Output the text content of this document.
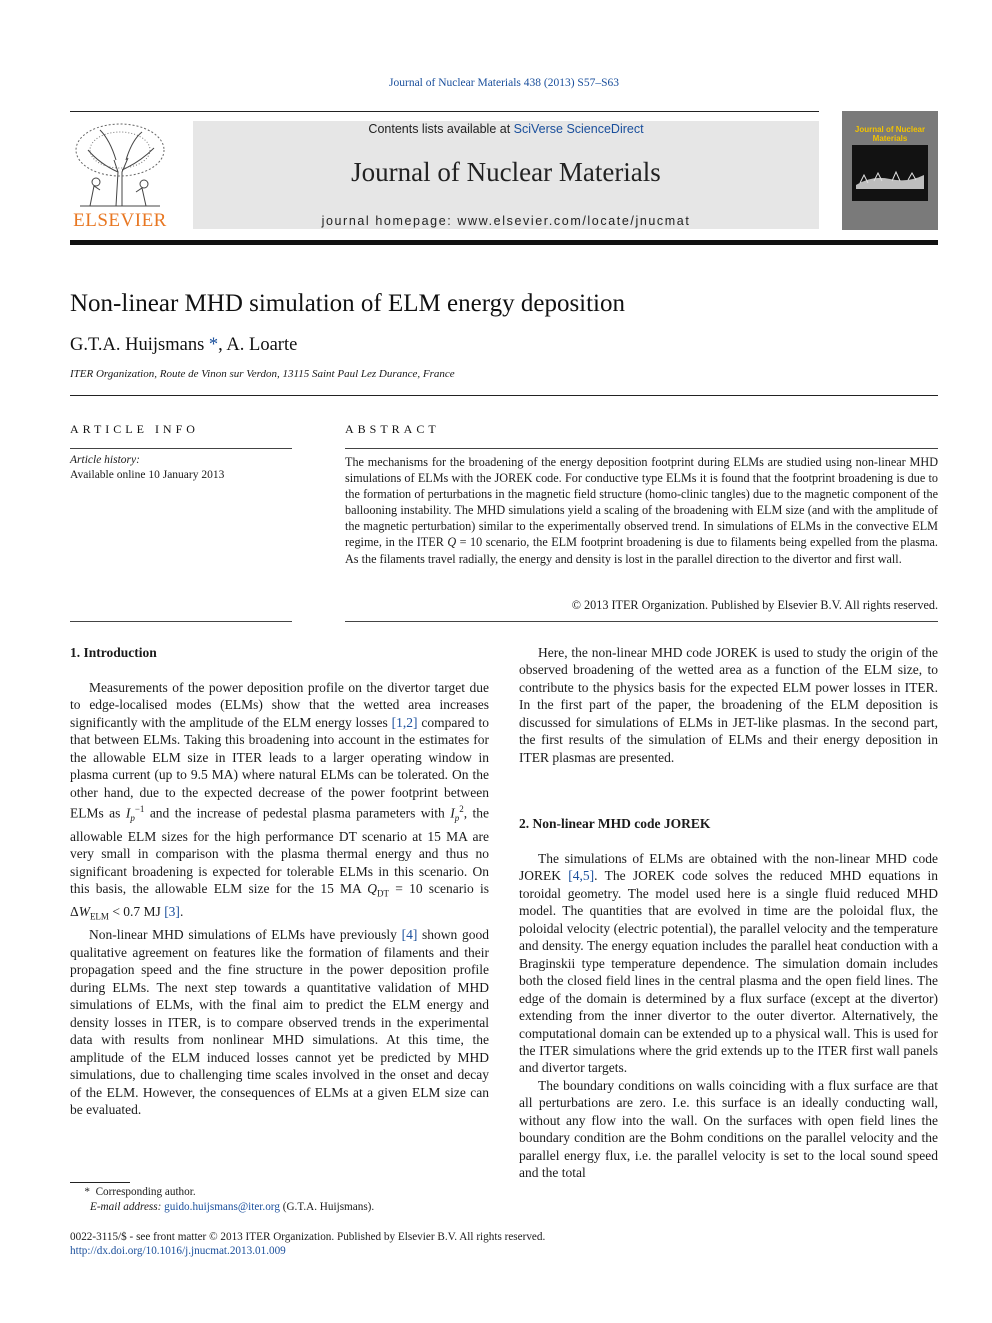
Journal of Nuclear Materials 438 (2013) S57–S63
ELSEVIER
Contents lists available at SciVerse ScienceDirect
Journal of Nuclear Materials
journal homepage: www.elsevier.com/locate/jnucmat
Journal of Nuclear Materials
Non-linear MHD simulation of ELM energy deposition
G.T.A. Huijsmans *, A. Loarte
ITER Organization, Route de Vinon sur Verdon, 13115 Saint Paul Lez Durance, France
ARTICLE INFO
Article history:
Available online 10 January 2013
ABSTRACT
The mechanisms for the broadening of the energy deposition footprint during ELMs are studied using non-linear MHD simulations of ELMs with the JOREK code. For conductive type ELMs it is found that the footprint broadening is due to the formation of perturbations in the magnetic field structure (homo-clinic tangles) due to the magnetic component of the ballooning instability. The MHD simulations yield a scaling of the broadening with ELM size (and with the amplitude of the magnetic perturbation) similar to the experimentally observed trend. In simulations of ELMs in the convective ELM regime, in the ITER Q = 10 scenario, the ELM footprint broadening is due to filaments being expelled from the plasma. As the filaments travel radially, the energy and density is lost in the parallel direction to the divertor and first wall.
© 2013 ITER Organization. Published by Elsevier B.V. All rights reserved.
1. Introduction

Measurements of the power deposition profile on the divertor target due to edge-localised modes (ELMs) show that the wetted area increases significantly with the amplitude of the ELM energy losses [1,2] compared to that between ELMs. Taking this broadening into account in the estimates for the allowable ELM size in ITER leads to a larger operating window in plasma current (up to 9.5 MA) where natural ELMs can be tolerated. On the other hand, due to the expected decrease of the power footprint between ELMs as $I_p^{-1}$ and the increase of pedestal plasma parameters with $I_p^2$, the allowable ELM sizes for the high performance DT scenario at 15 MA are very small in comparison with the plasma thermal energy and thus no significant broadening is expected for tolerable ELMs in this scenario. On this basis, the allowable ELM size for the 15 MA $Q_{DT} = 10$ scenario is $\Delta W_{ELM} < 0.7$ MJ [3].

Non-linear MHD simulations of ELMs have previously [4] shown good qualitative agreement on features like the formation of filaments and their propagation speed and the fine structure in the power deposition profile during ELMs. The next step towards a quantitative validation of MHD simulations of ELMs, with the final aim to predict the ELM energy and density losses in ITER, is to compare observed trends in the experimental data with results from nonlinear MHD simulations. At this time, the amplitude of the ELM induced losses cannot yet be predicted by MHD simulations, due to challenging time scales involved in the onset and decay of the ELM. However, the consequences of ELMs at a given ELM size can be evaluated.

Here, the non-linear MHD code JOREK is used to study the origin of the observed broadening of the wetted area as a function of the ELM size, to contribute to the physics basis for the expected ELM power losses in ITER. In the first part of the paper, the broadening of the ELM deposition is discussed for simulations of ELMs in JET-like plasmas. In the second part, the first results of the simulation of ELMs and their energy deposition in ITER plasmas are presented.

2. Non-linear MHD code JOREK

The simulations of ELMs are obtained with the non-linear MHD code JOREK [4,5]. The JOREK code solves the reduced MHD equations in toroidal geometry. The model used here is a single fluid reduced MHD model. The quantities that are evolved in time are the poloidal flux, the poloidal velocity (electric potential), the parallel velocity and the temperature and density. The energy equation includes the parallel heat conduction with a Braginskii type temperature dependence. The simulation domain includes both the closed field lines in the central plasma and the open field lines. The edge of the domain is determined by a flux surface (except at the divertor) extending from the inner divertor to the outer divertor. Alternatively, the computational domain can be extended up to a physical wall. This is used for the ITER simulations where the grid extends up to the ITER first wall panels and divertor targets.

The boundary conditions on walls coinciding with a flux surface are that all perturbations are zero. I.e. this surface is an ideally conducting wall, without any flow into the wall. On the surfaces with open field lines the boundary condition are the Bohm conditions on the parallel velocity and the parallel energy flux, i.e. the parallel velocity is set to the local sound speed and the total

* Corresponding author.
E-mail address: guido.huijsmans@iter.org (G.T.A. Huijsmans).
0022-3115/$ - see front matter © 2013 ITER Organization. Published by Elsevier B.V. All rights reserved.
http://dx.doi.org/10.1016/j.jnucmat.2013.01.009
